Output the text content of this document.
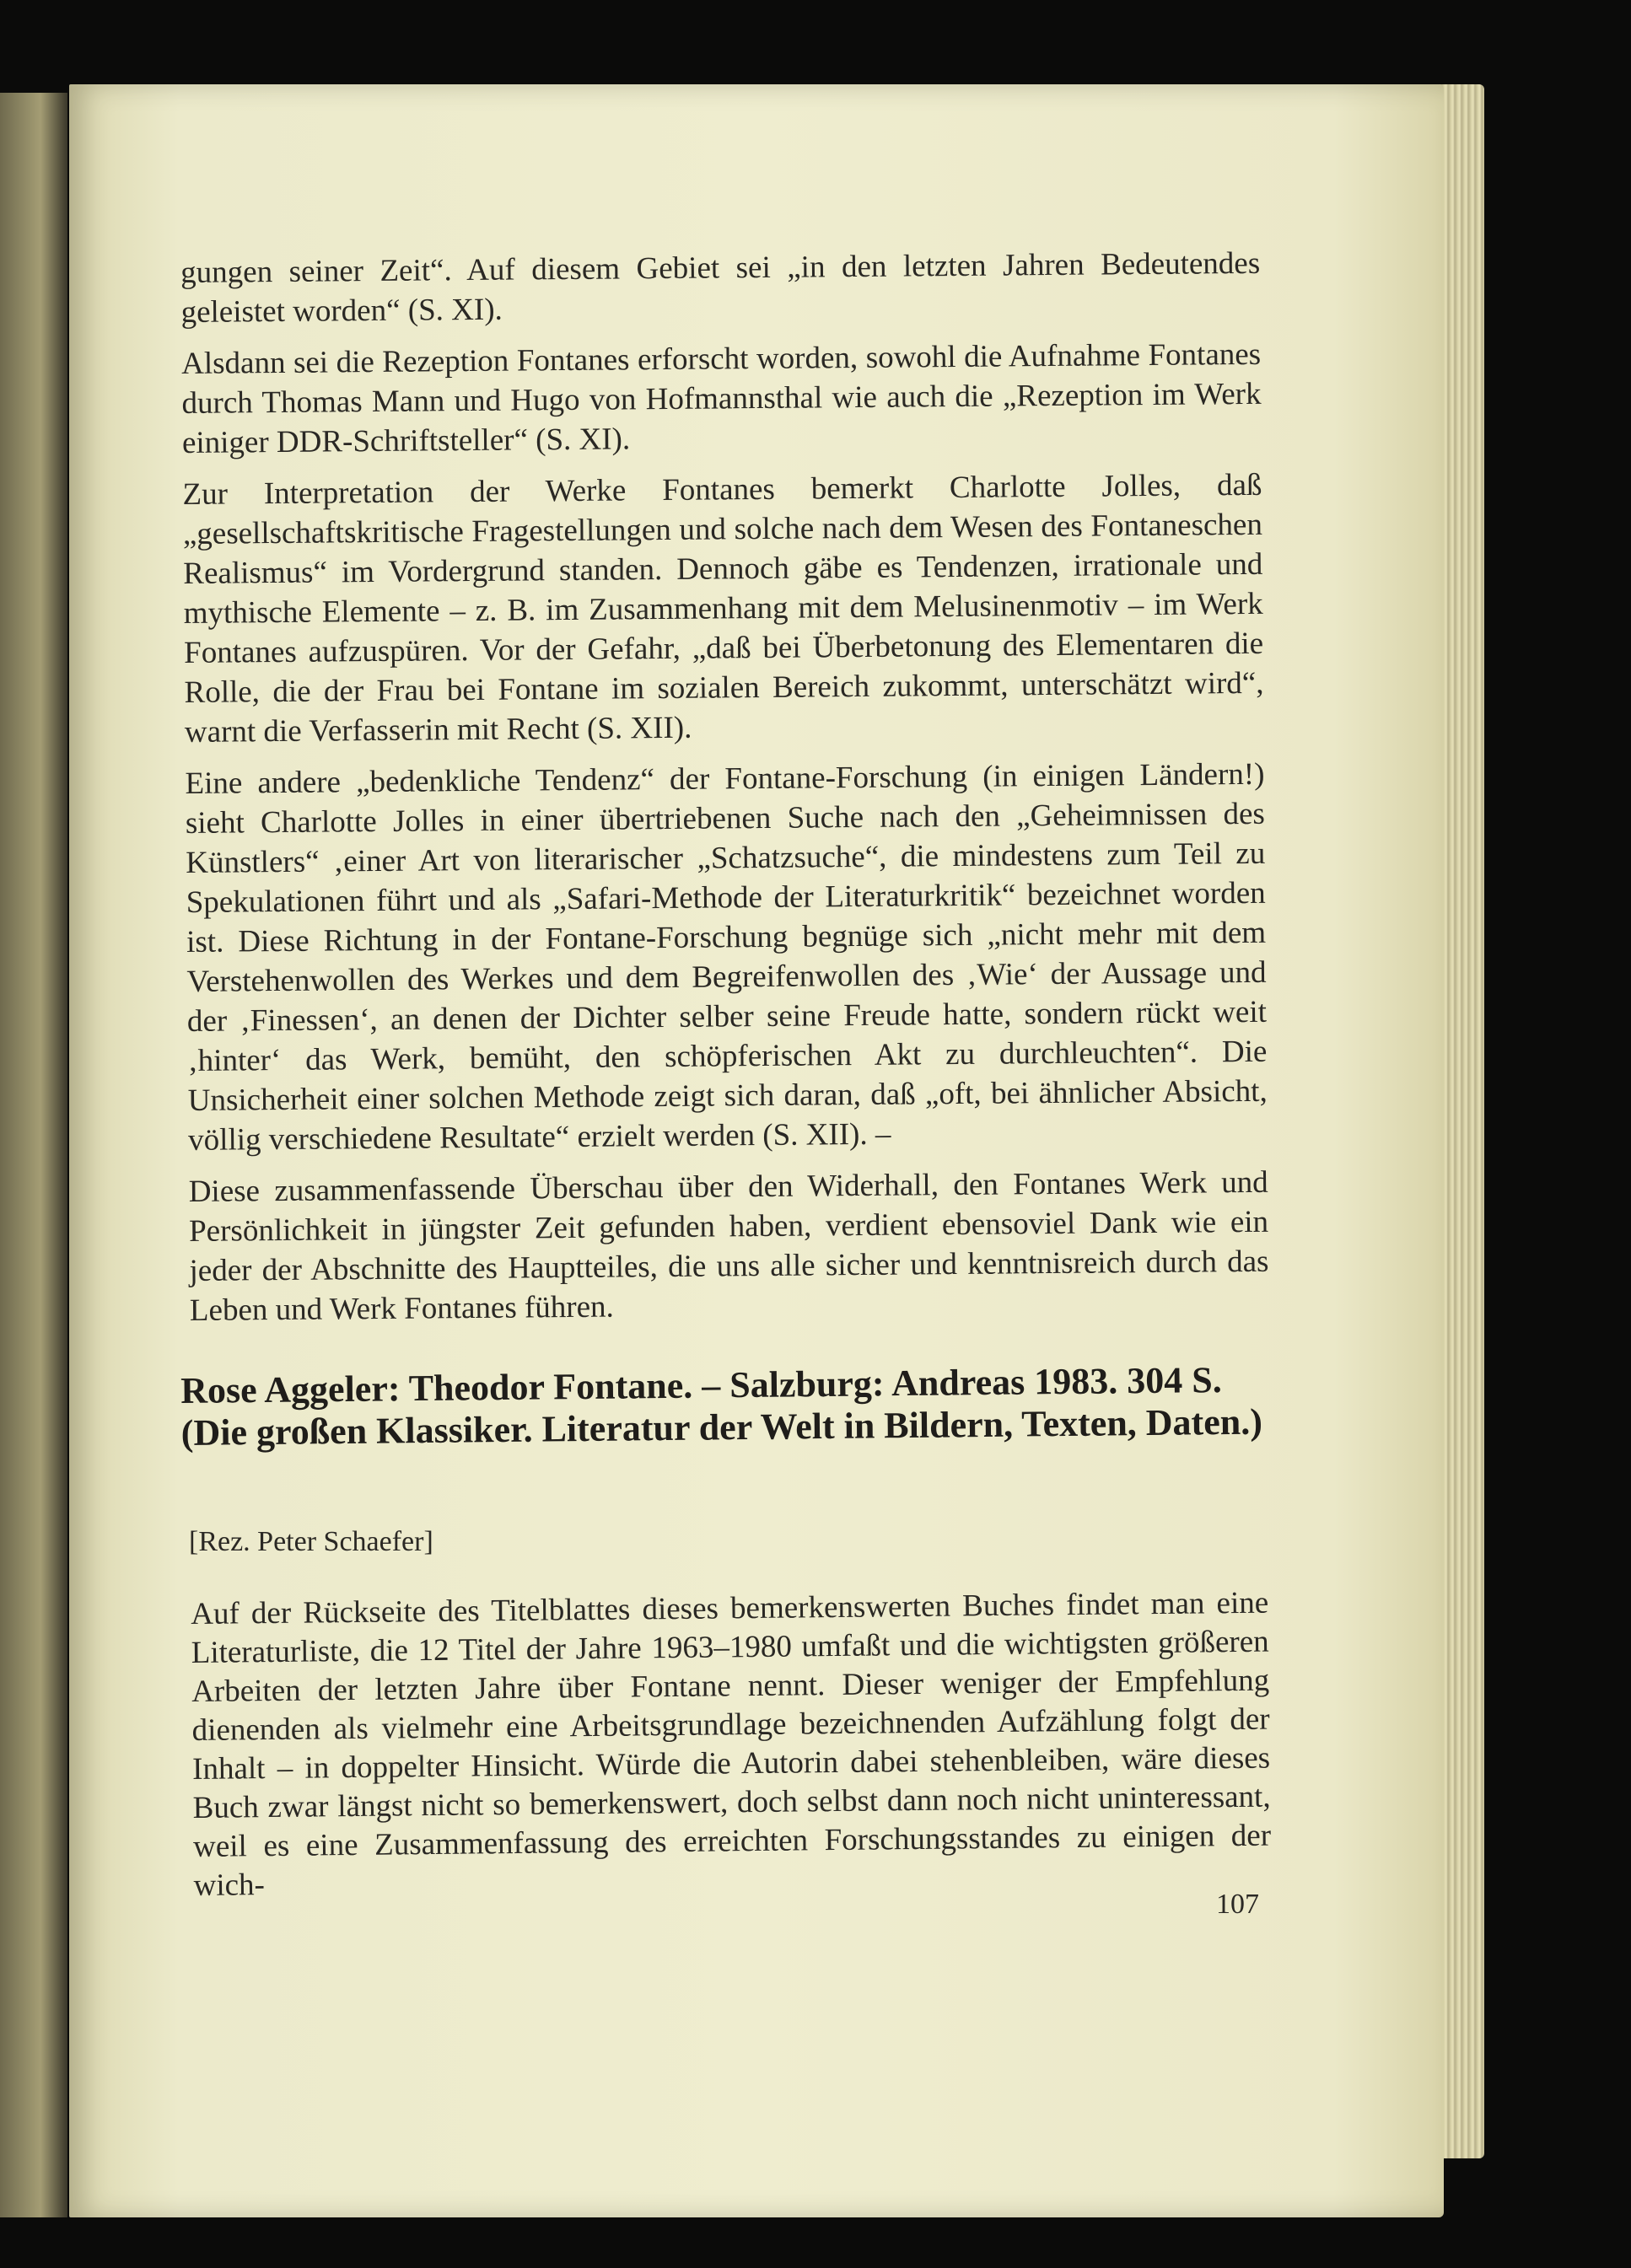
gungen seiner Zeit“. Auf diesem Gebiet sei „in den letzten Jahren Bedeutendes geleistet worden“ (S. XI).

Alsdann sei die Rezeption Fontanes erforscht worden, sowohl die Aufnahme Fontanes durch Thomas Mann und Hugo von Hofmannsthal wie auch die „Rezeption im Werk einiger DDR-Schriftsteller“ (S. XI).

Zur Interpretation der Werke Fontanes bemerkt Charlotte Jolles, daß „gesellschaftskritische Fragestellungen und solche nach dem Wesen des Fontaneschen Realismus“ im Vordergrund standen. Dennoch gäbe es Tendenzen, irrationale und mythische Elemente – z. B. im Zusammenhang mit dem Melusinenmotiv – im Werk Fontanes aufzuspüren. Vor der Gefahr, „daß bei Überbetonung des Elementaren die Rolle, die der Frau bei Fontane im sozialen Bereich zukommt, unterschätzt wird“, warnt die Verfasserin mit Recht (S. XII).

Eine andere „bedenkliche Tendenz“ der Fontane-Forschung (in einigen Ländern!) sieht Charlotte Jolles in einer übertriebenen Suche nach den „Geheimnissen des Künstlers“ ‚einer Art von literarischer „Schatzsuche“, die mindestens zum Teil zu Spekulationen führt und als „Safari-Methode der Literaturkritik“ bezeichnet worden ist. Diese Richtung in der Fontane-Forschung begnüge sich „nicht mehr mit dem Verstehenwollen des Werkes und dem Begreifenwollen des ‚Wie‘ der Aussage und der ‚Finessen‘, an denen der Dichter selber seine Freude hatte, sondern rückt weit ‚hinter‘ das Werk, bemüht, den schöpferischen Akt zu durchleuchten“. Die Unsicherheit einer solchen Methode zeigt sich daran, daß „oft, bei ähnlicher Absicht, völlig verschiedene Resultate“ erzielt werden (S. XII). –

Diese zusammenfassende Überschau über den Widerhall, den Fontanes Werk und Persönlichkeit in jüngster Zeit gefunden haben, verdient ebensoviel Dank wie ein jeder der Abschnitte des Hauptteiles, die uns alle sicher und kenntnisreich durch das Leben und Werk Fontanes führen.

Rose Aggeler: Theodor Fontane. – Salzburg: Andreas 1983. 304 S. (Die großen Klassiker. Literatur der Welt in Bildern, Texten, Daten.)
[Rez. Peter Schaefer]

Auf der Rückseite des Titelblattes dieses bemerkenswerten Buches findet man eine Literaturliste, die 12 Titel der Jahre 1963–1980 umfaßt und die wichtigsten größeren Arbeiten der letzten Jahre über Fontane nennt. Dieser weniger der Empfehlung dienenden als vielmehr eine Arbeitsgrundlage bezeichnenden Aufzählung folgt der Inhalt – in doppelter Hinsicht. Würde die Autorin dabei stehenbleiben, wäre dieses Buch zwar längst nicht so bemerkenswert, doch selbst dann noch nicht uninteressant, weil es eine Zusammenfassung des erreichten Forschungsstandes zu einigen der wich-

107
